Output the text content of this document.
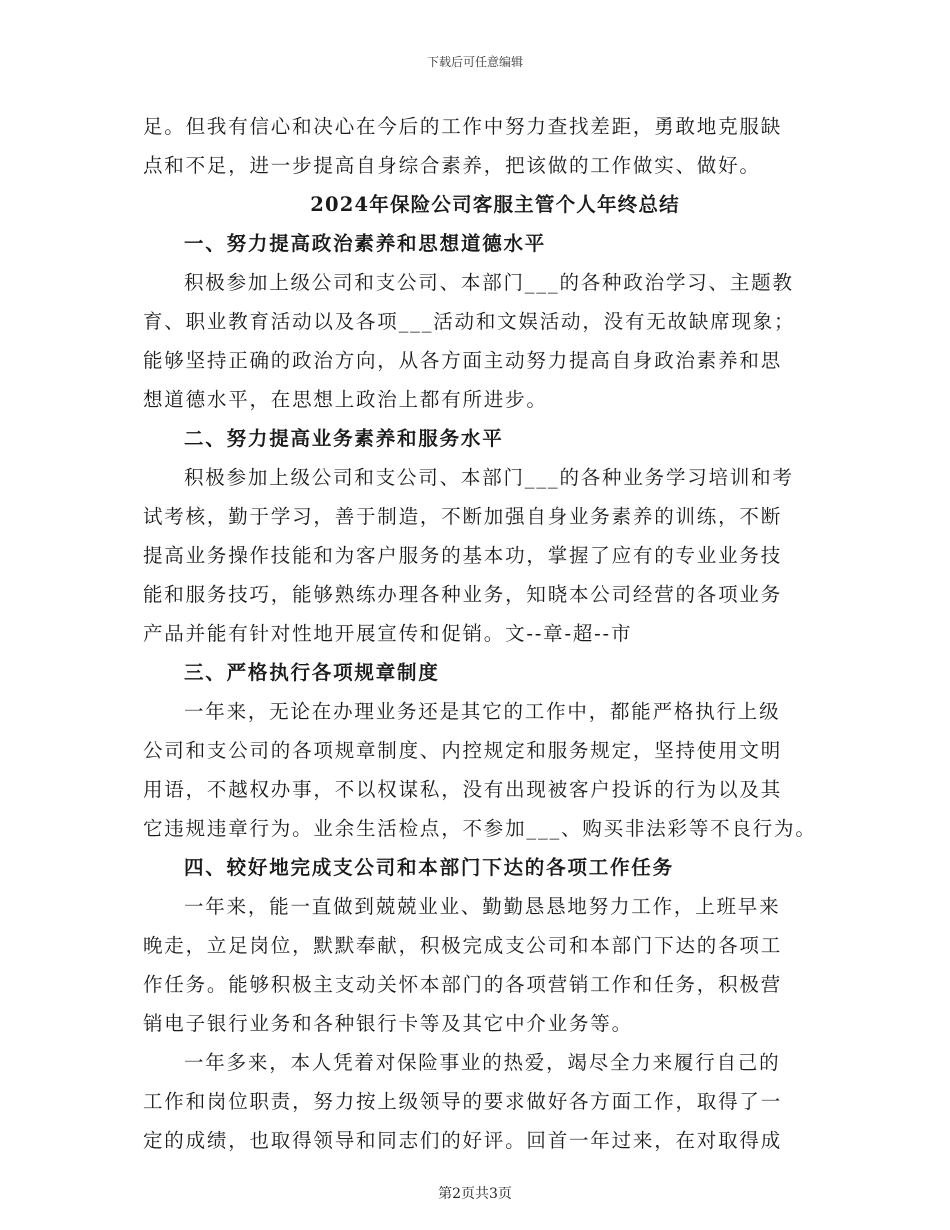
下载后可任意编辑
足。但我有信心和决心在今后的工作中努力查找差距，勇敢地克服缺
点和不足，进一步提高自身综合素养，把该做的工作做实、做好。
2024年保险公司客服主管个人年终总结
一、努力提高政治素养和思想道德水平
积极参加上级公司和支公司、本部门___的各种政治学习、主题教
育、职业教育活动以及各项___活动和文娱活动，没有无故缺席现象；
能够坚持正确的政治方向，从各方面主动努力提高自身政治素养和思
想道德水平，在思想上政治上都有所进步。
二、努力提高业务素养和服务水平
积极参加上级公司和支公司、本部门___的各种业务学习培训和考
试考核，勤于学习，善于制造，不断加强自身业务素养的训练，不断
提高业务操作技能和为客户服务的基本功，掌握了应有的专业业务技
能和服务技巧，能够熟练办理各种业务，知晓本公司经营的各项业务
产品并能有针对性地开展宣传和促销。文--章-超--市
三、严格执行各项规章制度
一年来，无论在办理业务还是其它的工作中，都能严格执行上级
公司和支公司的各项规章制度、内控规定和服务规定，坚持使用文明
用语，不越权办事，不以权谋私，没有出现被客户投诉的行为以及其
它违规违章行为。业余生活检点，不参加___、购买非法彩等不良行为。
四、较好地完成支公司和本部门下达的各项工作任务
一年来，能一直做到兢兢业业、勤勤恳恳地努力工作，上班早来
晚走，立足岗位，默默奉献，积极完成支公司和本部门下达的各项工
作任务。能够积极主支动关怀本部门的各项营销工作和任务，积极营
销电子银行业务和各种银行卡等及其它中介业务等。
一年多来，本人凭着对保险事业的热爱，竭尽全力来履行自己的
工作和岗位职责，努力按上级领导的要求做好各方面工作，取得了一
定的成绩，也取得领导和同志们的好评。回首一年过来，在对取得成
第2页共3页
